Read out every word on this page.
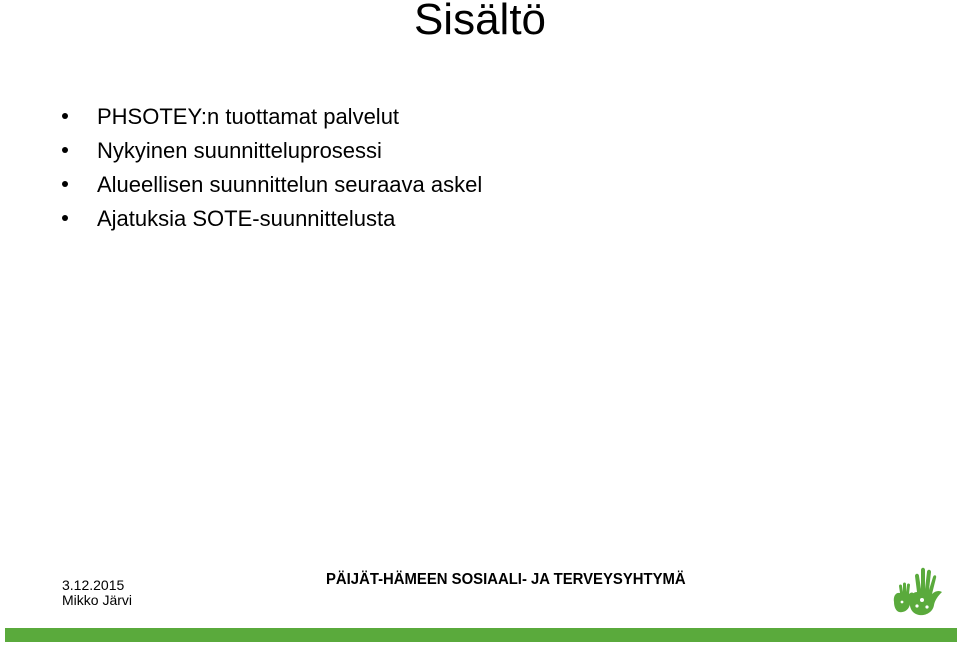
Sisältö
PHSOTEY:n tuottamat palvelut
Nykyinen suunnitteluprosessi
Alueellisen suunnittelun seuraava askel
Ajatuksia SOTE-suunnittelusta
3.12.2015
Mikko Järvi
PÄIJÄT-HÄMEEN SOSIAALI- JA TERVEYSYHTYMÄ
